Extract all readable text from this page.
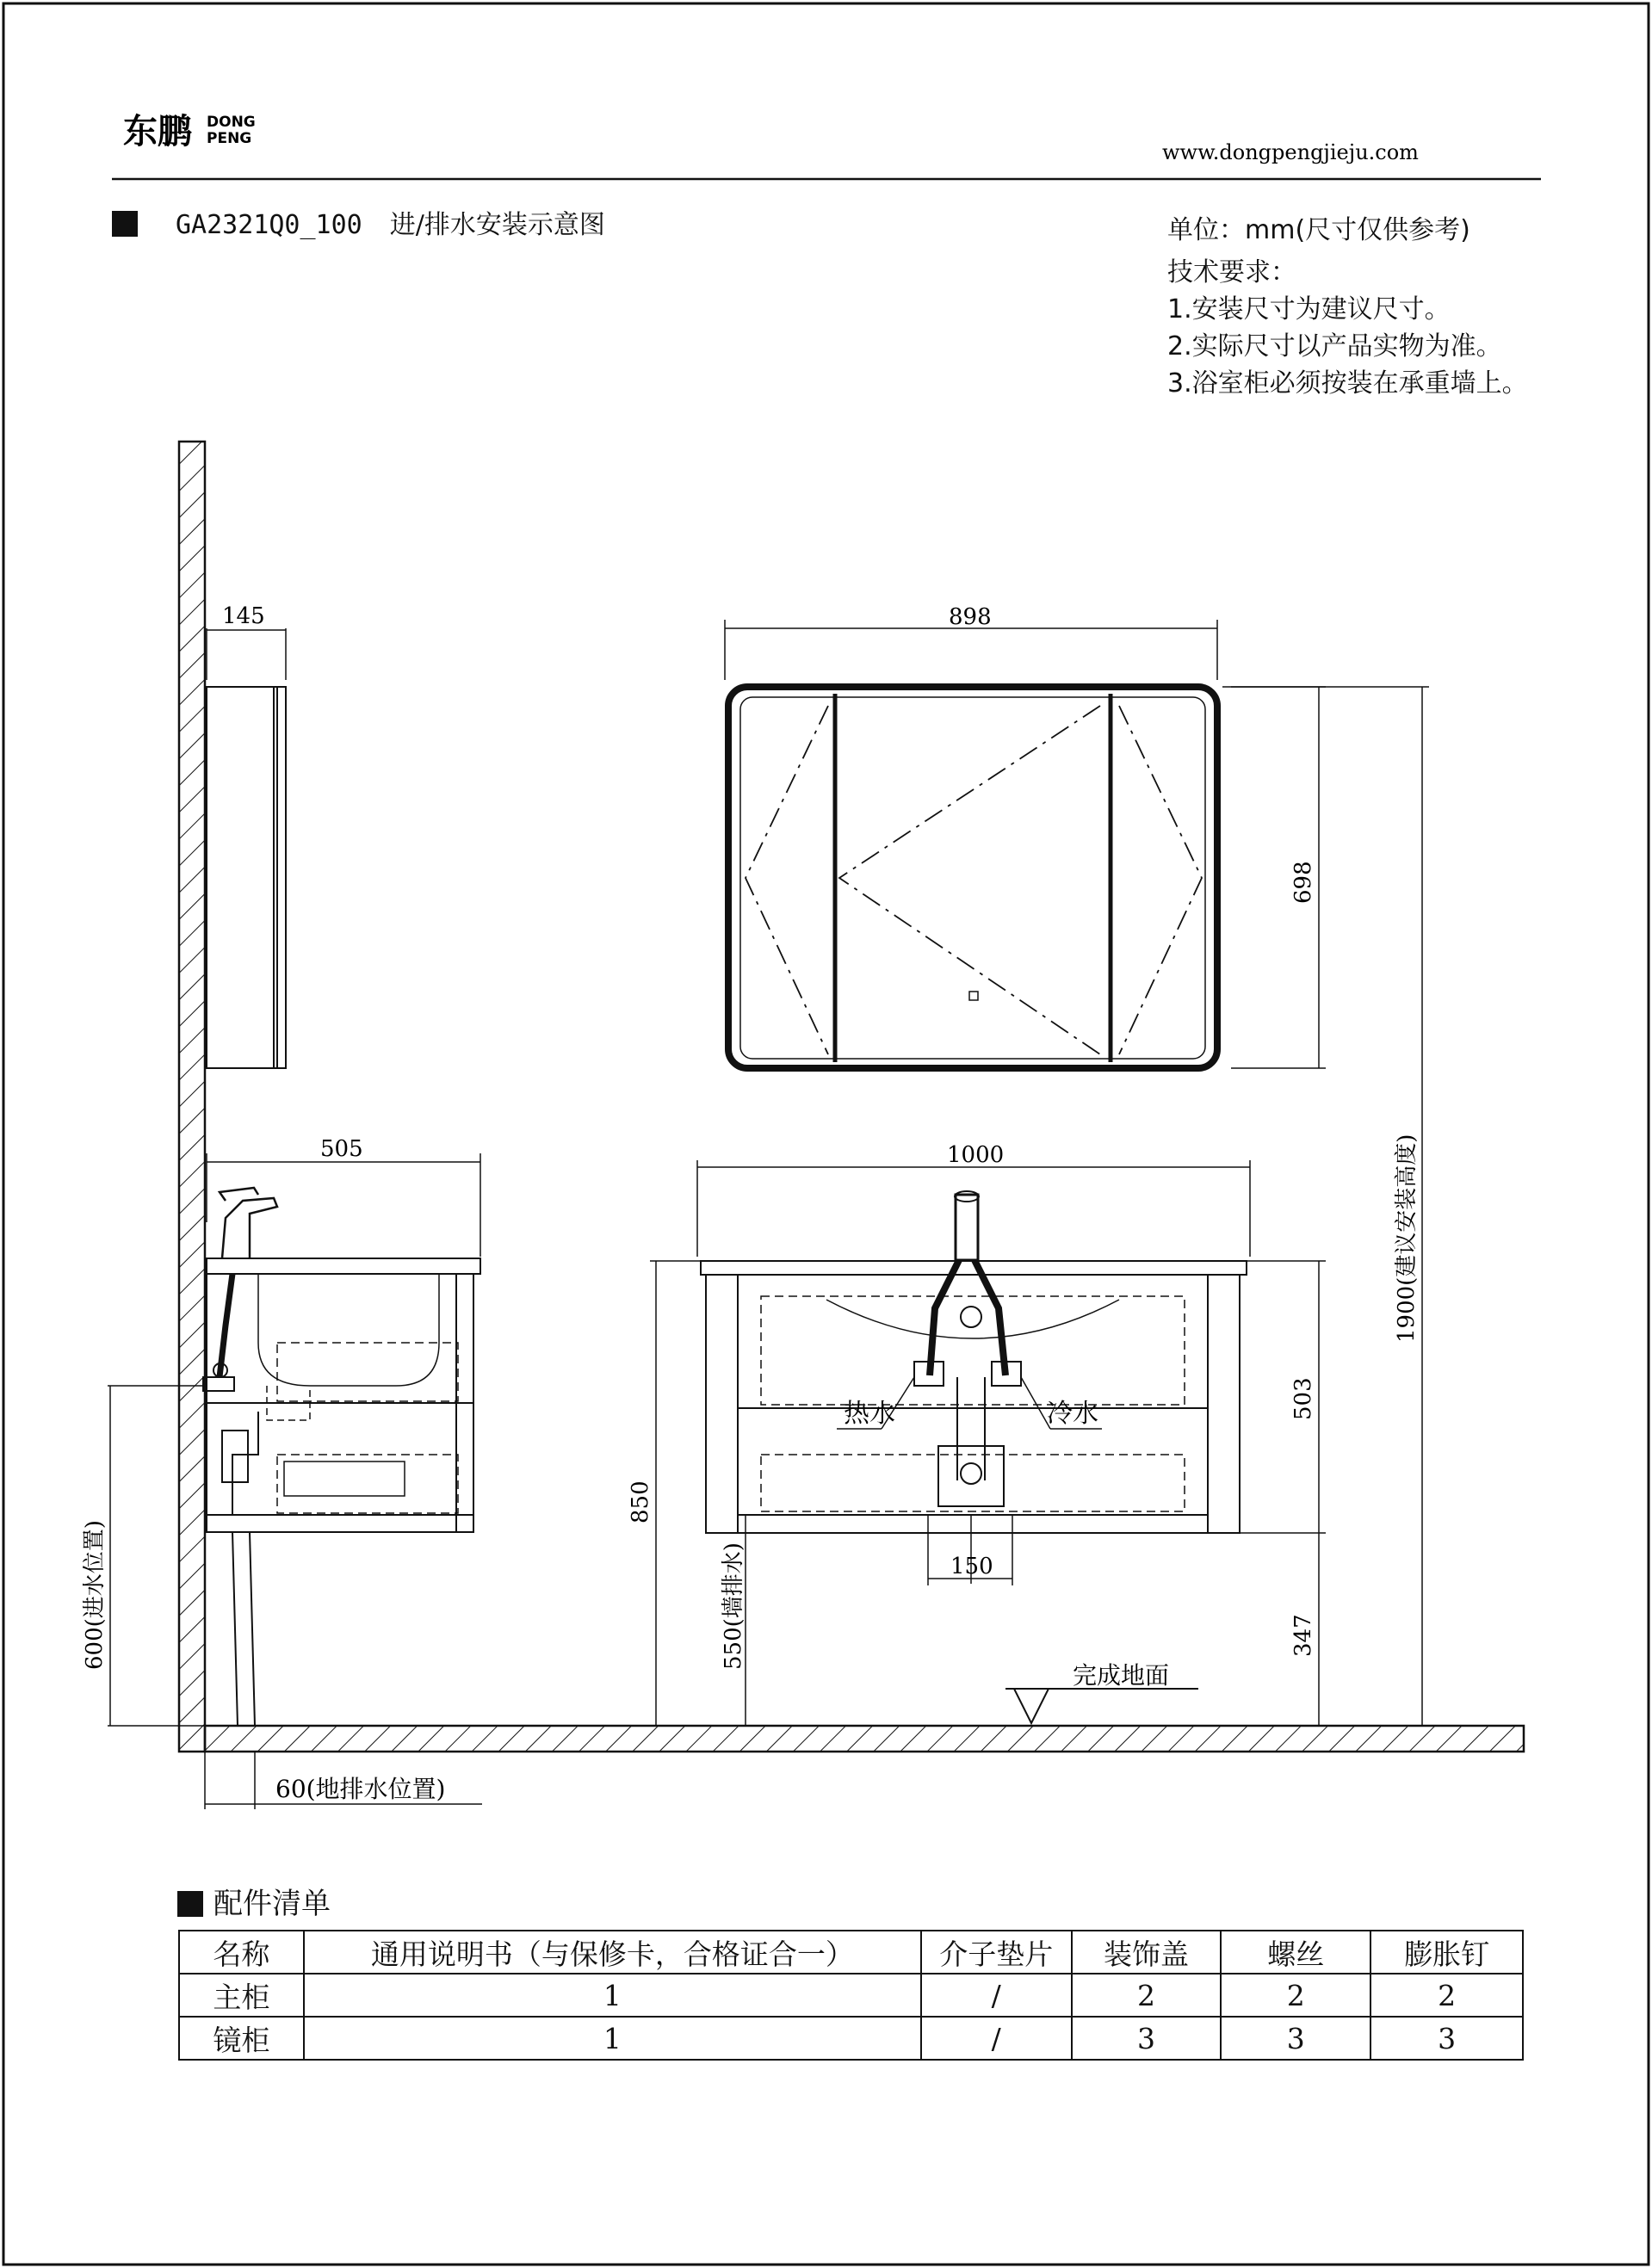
东鹏 DONG
PENG
www.dongpengjieju.com
145
505
600(进水位置)
60(地排水位置)
898
698
1900(建议安装高度)
1000
150
热水	冷水	503
347
850
550(墙排水)
完成地面
GA2321Q0_100 进/排水安装示意图	单位：mm(尺寸仅供参考)
技术要求：
1.安装尺寸为建议尺寸。
2.实际尺寸以产品实物为准。
3.浴室柜必须按装在承重墙上。
配件清单
名称	通用说明书（与保修卡，合格证合一）	介子垫片	装饰盖	螺丝	膨胀钉
主柜	1	/	2	2	2
镜柜	1	/	3	3	3
